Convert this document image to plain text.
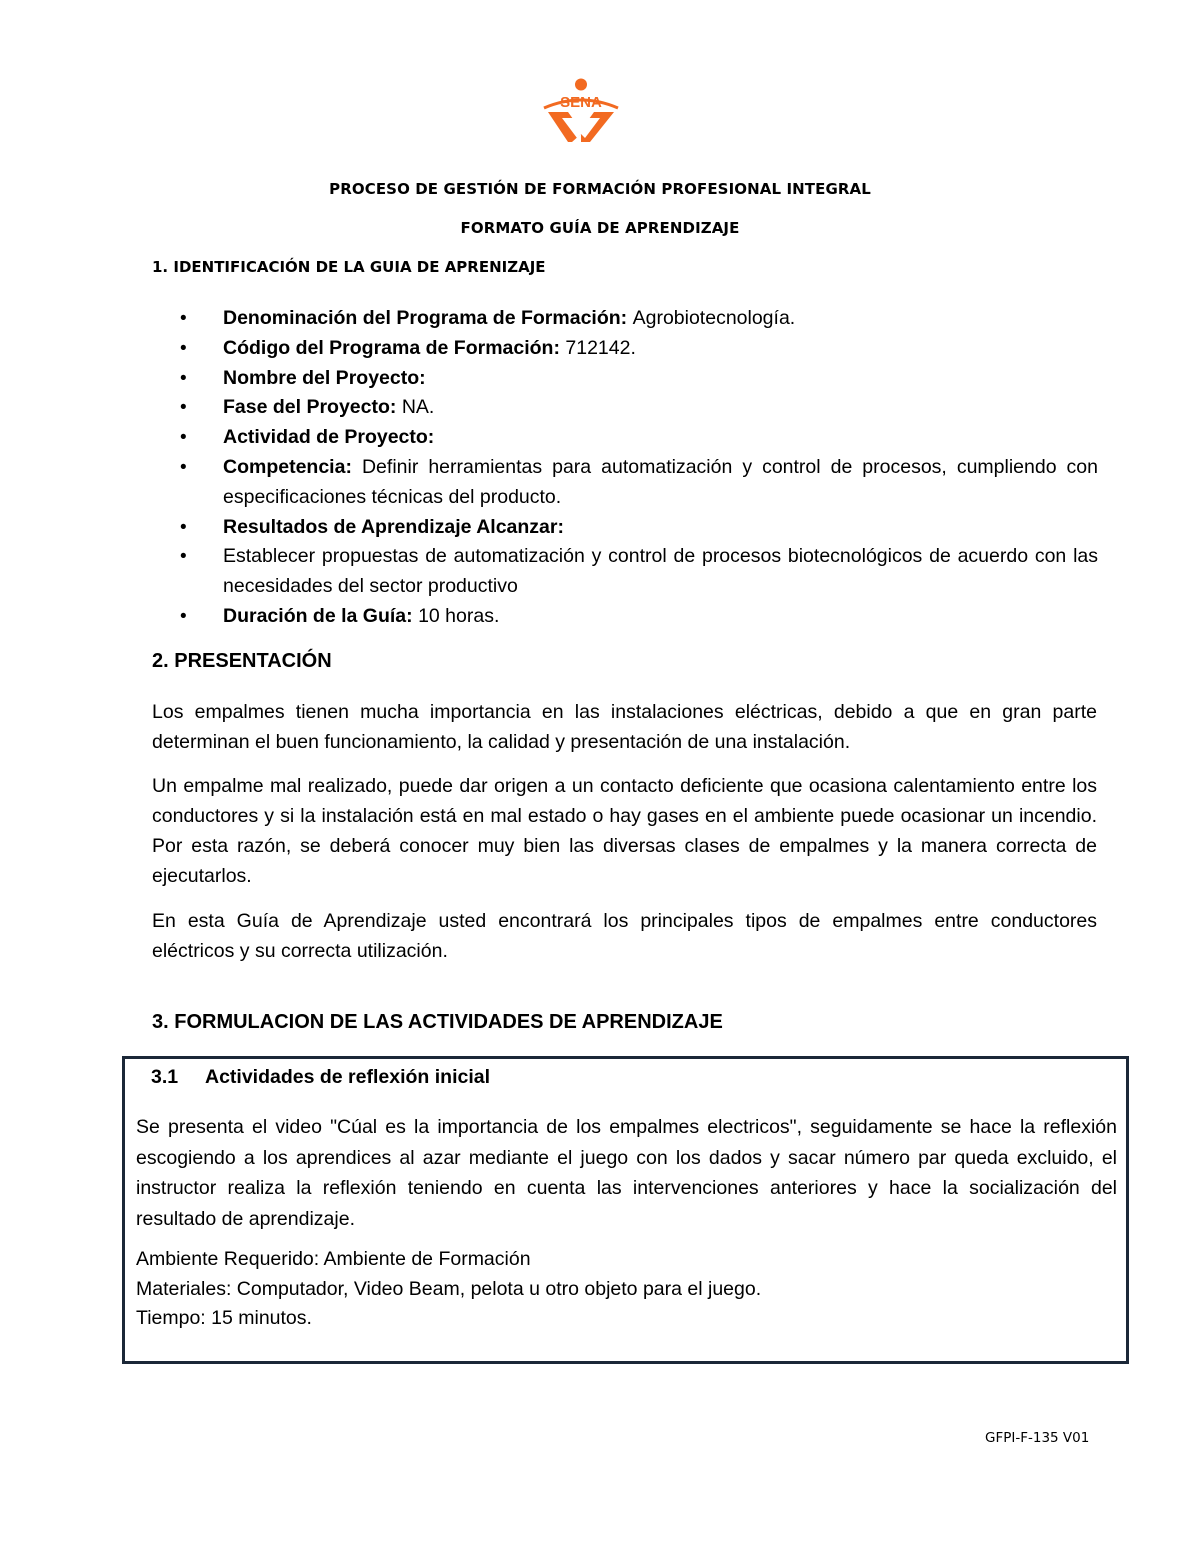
SENA
PROCESO DE GESTIÓN DE FORMACIÓN PROFESIONAL INTEGRAL
FORMATO GUÍA DE APRENDIZAJE
1. IDENTIFICACIÓN DE LA GUIA DE APRENIZAJE
• Denominación del Programa de Formación: Agrobiotecnología.
• Código del Programa de Formación: 712142.
• Nombre del Proyecto:
• Fase del Proyecto: NA.
• Actividad de Proyecto:
• Competencia: Definir herramientas para automatización y control de procesos, cumpliendo con especificaciones técnicas del producto.
• Resultados de Aprendizaje Alcanzar:
• Establecer propuestas de automatización y control de procesos biotecnológicos de acuerdo con las necesidades del sector productivo
• Duración de la Guía: 10 horas.
2. PRESENTACIÓN

Los empalmes tienen mucha importancia en las instalaciones eléctricas, debido a que en gran parte determinan el buen funcionamiento, la calidad y presentación de una instalación.

Un empalme mal realizado, puede dar origen a un contacto deficiente que ocasiona calentamiento entre los conductores y si la instalación está en mal estado o hay gases en el ambiente puede ocasionar un incendio. Por esta razón, se deberá conocer muy bien las diversas clases de empalmes y la manera correcta de ejecutarlos.

En esta Guía de Aprendizaje usted encontrará los principales tipos de empalmes entre conductores eléctricos y su correcta utilización.

3. FORMULACION DE LAS ACTIVIDADES DE APRENDIZAJE
3.1 Actividades de reflexión inicial

Se presenta el video "Cúal es la importancia de los empalmes electricos", seguidamente se hace la reflexión escogiendo a los aprendices al azar mediante el juego con los dados y sacar número par queda excluido, el instructor realiza la reflexión teniendo en cuenta las intervenciones anteriores y hace la socialización del resultado de aprendizaje.

Ambiente Requerido: Ambiente de Formación
Materiales: Computador, Video Beam, pelota u otro objeto para el juego.
Tiempo: 15 minutos.
GFPI-F-135 V01
